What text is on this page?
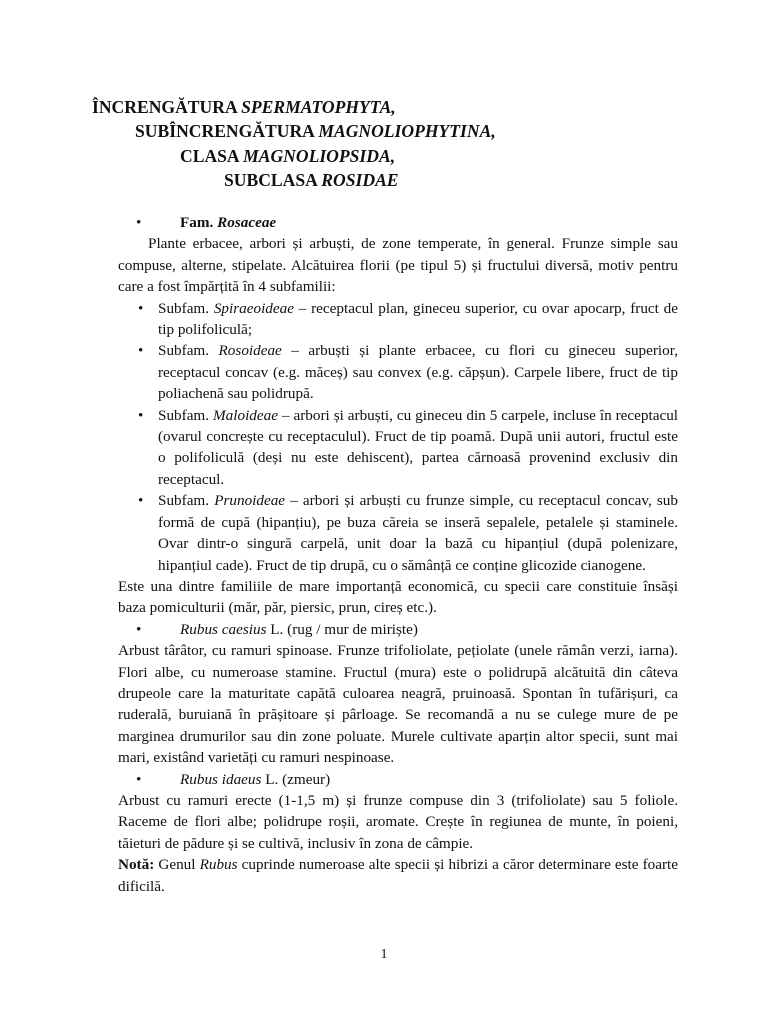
ÎNCRENGĂTURA SPERMATOPHYTA,
SUBÎNCRENGĂTURA MAGNOLIOPHYTINA,
CLASA MAGNOLIOPSIDA,
SUBCLASA ROSIDAE

•	Fam. Rosaceae

Plante erbacee, arbori și arbuști, de zone temperate, în general. Frunze simple sau compuse, alterne, stipelate. Alcătuirea florii (pe tipul 5) și fructului diversă, motiv pentru care a fost împărțită în 4 subfamilii:

• Subfam. Spiraeoideae – receptacul plan, gineceu superior, cu ovar apocarp, fruct de tip polifoliculă;
• Subfam. Rosoideae – arbuști și plante erbacee, cu flori cu gineceu superior, receptacul concav (e.g. măceș) sau convex (e.g. căpșun). Carpele libere, fruct de tip poliachenă sau polidrupă.
• Subfam. Maloideae – arbori și arbuști, cu gineceu din 5 carpele, incluse în receptacul (ovarul concrește cu receptaculul). Fruct de tip poamă. După unii autori, fructul este o polifoliculă (deși nu este dehiscent), partea cărnoasă provenind exclusiv din receptacul.
• Subfam. Prunoideae – arbori și arbuști cu frunze simple, cu receptacul concav, sub formă de cupă (hipanțiu), pe buza căreia se inseră sepalele, petalele și staminele. Ovar dintr-o singură carpelă, unit doar la bază cu hipanțiul (după polenizare, hipanțiul cade). Fruct de tip drupă, cu o sămânță ce conține glicozide cianogene.

Este una dintre familiile de mare importanță economică, cu specii care constituie însăși baza pomiculturii (măr, păr, piersic, prun, cireș etc.).

•	Rubus caesius L. (rug / mur de miriște)

Arbust târâtor, cu ramuri spinoase. Frunze trifoliolate, pețiolate (unele rămân verzi, iarna). Flori albe, cu numeroase stamine. Fructul (mura) este o polidrupă alcătuită din câteva drupeole care la maturitate capătă culoarea neagră, pruinoasă. Spontan în tufărișuri, ca ruderală, buruiană în prășitoare și pârloage. Se recomandă a nu se culege mure de pe marginea drumurilor sau din zone poluate. Murele cultivate aparțin altor specii, sunt mai mari, existând varietăți cu ramuri nespinoase.

•	Rubus idaeus L. (zmeur)

Arbust cu ramuri erecte (1-1,5 m) și frunze compuse din 3 (trifoliolate) sau 5 foliole. Raceme de flori albe; polidrupe roșii, aromate. Crește în regiunea de munte, în poieni, tăieturi de pădure și se cultivă, inclusiv în zona de câmpie.

Notă: Genul Rubus cuprinde numeroase alte specii și hibrizi a căror determinare este foarte dificilă.

1
